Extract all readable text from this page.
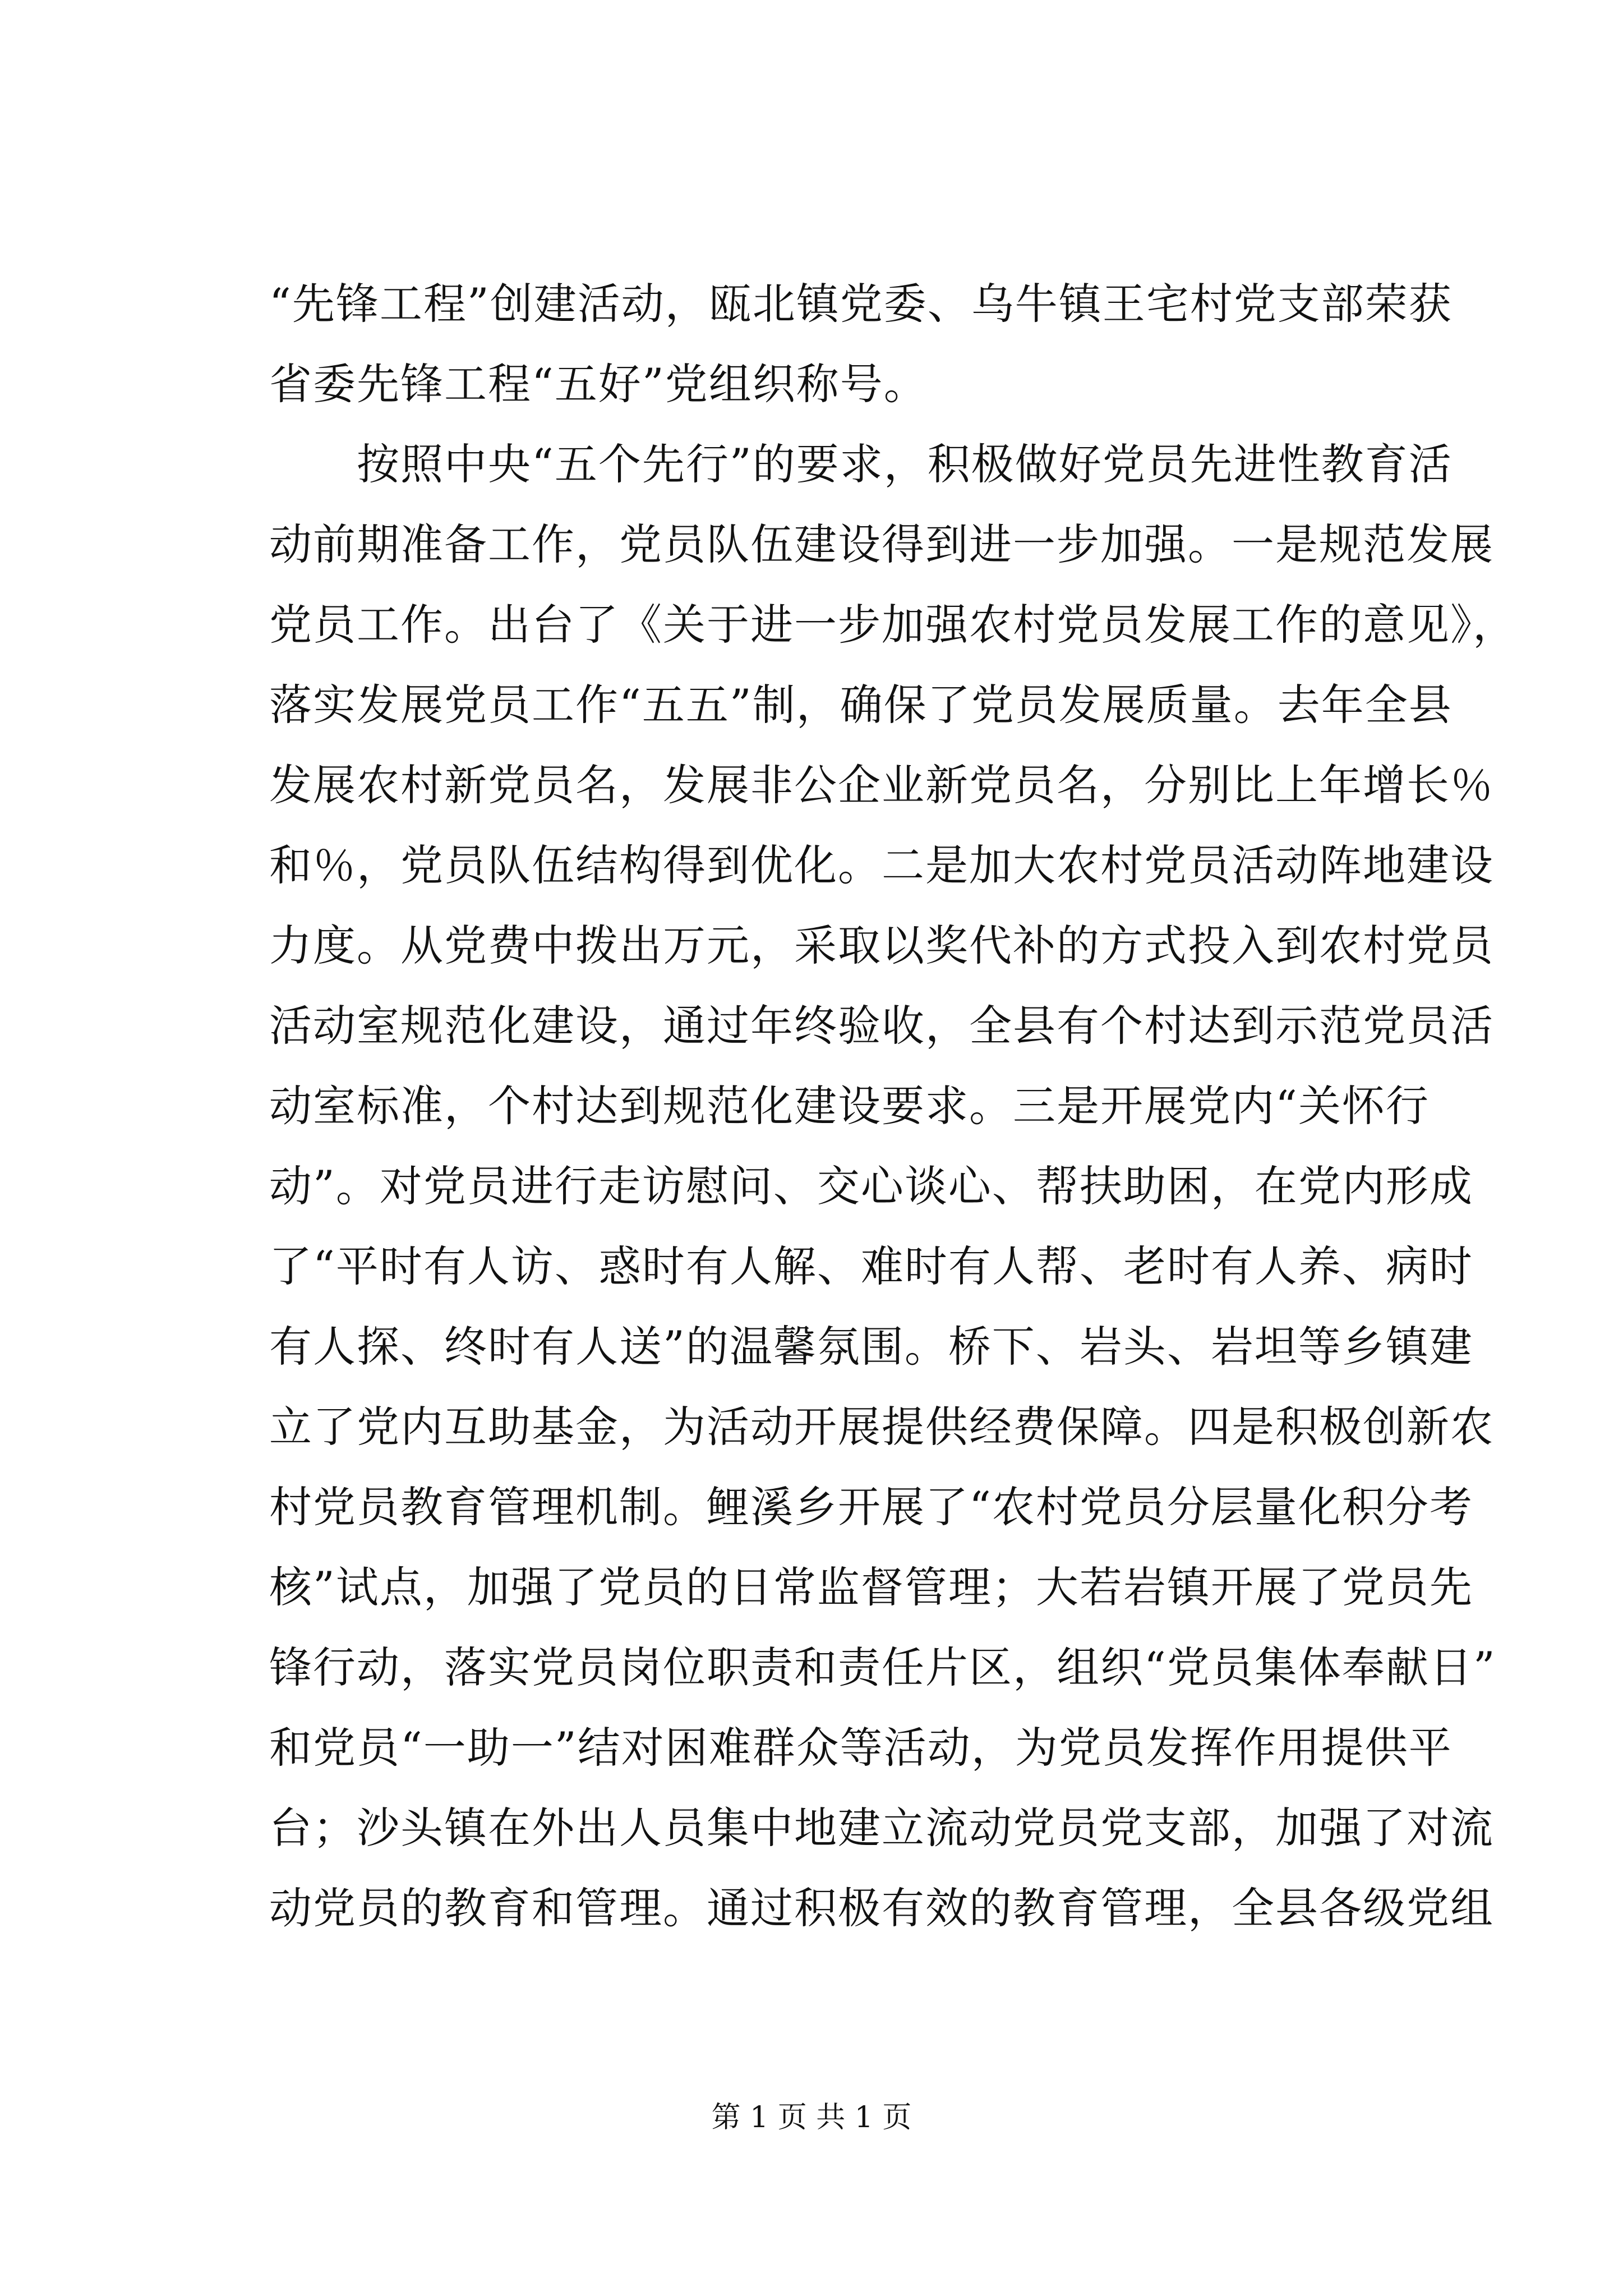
“先锋工程”创建活动，瓯北镇党委、乌牛镇王宅村党支部荣获
省委先锋工程“五好”党组织称号。
按照中央“五个先行”的要求，积极做好党员先进性教育活
动前期准备工作，党员队伍建设得到进一步加强。一是规范发展
党员工作。出台了《关于进一步加强农村党员发展工作的意见》，
落实发展党员工作“五五”制，确保了党员发展质量。去年全县
发展农村新党员名，发展非公企业新党员名，分别比上年增长％
和％，党员队伍结构得到优化。二是加大农村党员活动阵地建设
力度。从党费中拨出万元，采取以奖代补的方式投入到农村党员
活动室规范化建设，通过年终验收，全县有个村达到示范党员活
动室标准，个村达到规范化建设要求。三是开展党内“关怀行
动”。对党员进行走访慰问、交心谈心、帮扶助困，在党内形成
了“平时有人访、惑时有人解、难时有人帮、老时有人养、病时
有人探、终时有人送”的温馨氛围。桥下、岩头、岩坦等乡镇建
立了党内互助基金，为活动开展提供经费保障。四是积极创新农
村党员教育管理机制。鲤溪乡开展了“农村党员分层量化积分考
核”试点，加强了党员的日常监督管理；大若岩镇开展了党员先
锋行动，落实党员岗位职责和责任片区，组织“党员集体奉献日”
和党员“一助一”结对困难群众等活动，为党员发挥作用提供平
台；沙头镇在外出人员集中地建立流动党员党支部，加强了对流
动党员的教育和管理。通过积极有效的教育管理，全县各级党组
第 1 页 共 1 页
